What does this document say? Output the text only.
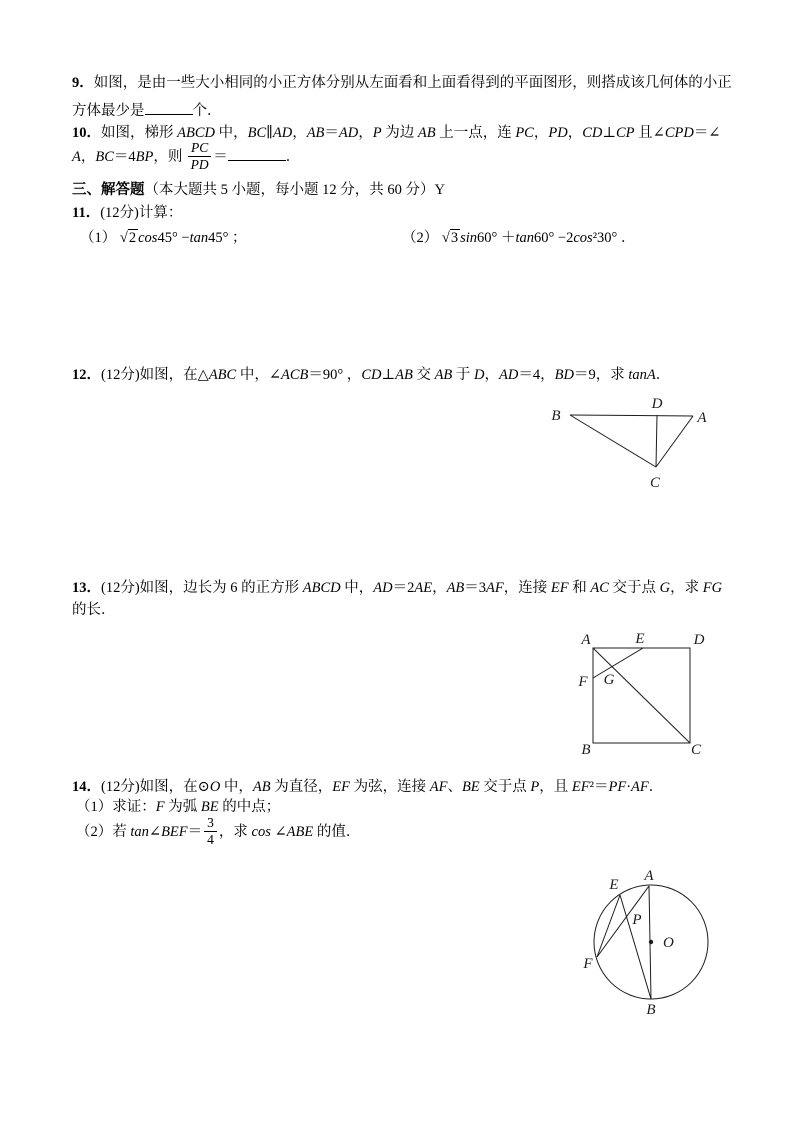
9．如图，是由一些大小相同的小正方体分别从左面看和上面看得到的平面图形，则搭成该几何体的小正
方体最少是	个．
10．如图，梯形 ABCD 中，BC∥AD，AB＝AD，P 为边 AB 上一点，连 PC，PD，CD⊥CP 且∠CPD＝∠
A，BC＝4BP，则 $\frac{PC}{PD}$ ＝	．
三、解答题（本大题共 5 小题，每小题 12 分，共 60 分）Y
11．(12分)计算：
（1） √2 cos45° −tan45° ；	（2） √3 sin60° ＋tan60° −2cos²30° ．
12．(12分)如图，在△ABC 中，∠ACB＝90° ，CD⊥AB 交 AB 于 D，AD＝4，BD＝9，求 tanA．
B
D
A
C
13．(12分)如图，边长为 6 的正方形 ABCD 中，AD＝2AE，AB＝3AF，连接 EF 和 AC 交于点 G，求 FG
的长．
A	E	D
F G
B	C
14．(12分)如图，在⊙O 中，AB 为直径，EF 为弦，连接 AF、BE 交于点 P，且 EF²＝PF·AF．
（1）求证：F 为弧 BE 的中点；
（2）若 tan∠BEF＝ $\frac{3}{4}$ ，求 cos ∠ABE 的值．
A
E
P
O
F
B
